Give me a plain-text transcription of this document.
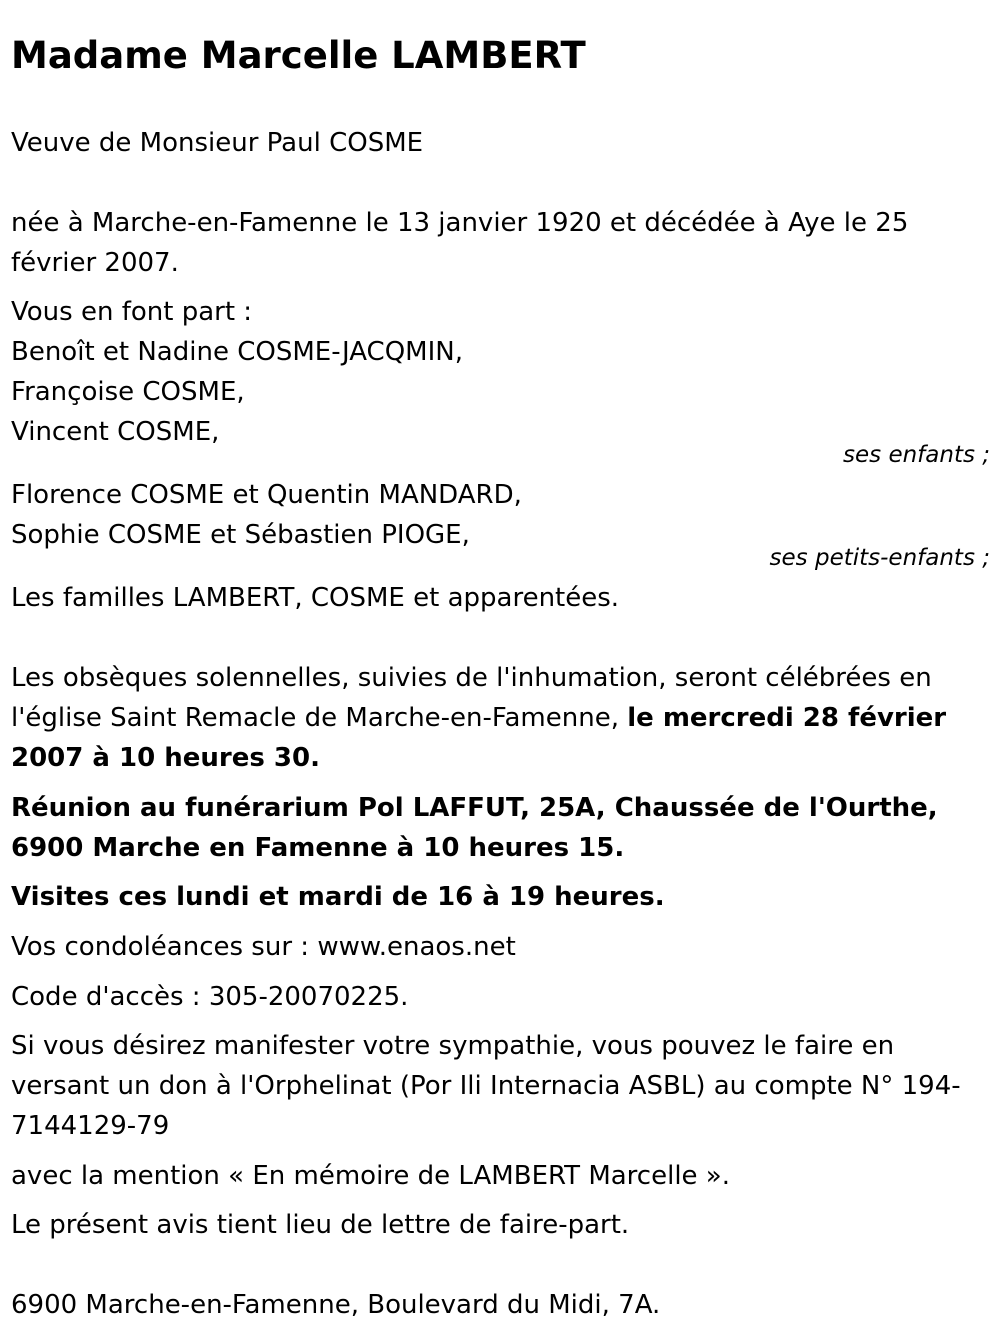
Madame Marcelle LAMBERT

Veuve de Monsieur Paul COSME

née à Marche-en-Famenne le 13 janvier 1920 et décédée à Aye le 25 février 2007.

Vous en font part :

Benoît et Nadine COSME-JACQMIN,

Françoise COSME,

Vincent COSME,

ses enfants ;

Florence COSME et Quentin MANDARD,

Sophie COSME et Sébastien PIOGE,

ses petits-enfants ;

Les familles LAMBERT, COSME et apparentées.

Les obsèques solennelles, suivies de l'inhumation, seront célébrées en l'église Saint Remacle de Marche-en-Famenne, le mercredi 28 février 2007 à 10 heures 30.

Réunion au funérarium Pol LAFFUT, 25A, Chaussée de l'Ourthe, 6900 Marche en Famenne à 10 heures 15.

Visites ces lundi et mardi de 16 à 19 heures.

Vos condoléances sur : www.enaos.net

Code d'accès : 305-20070225.

Si vous désirez manifester votre sympathie, vous pouvez le faire en versant un don à l'Orphelinat (Por Ili Internacia ASBL) au compte N° 194-7144129-79

avec la mention « En mémoire de LAMBERT Marcelle ».

Le présent avis tient lieu de lettre de faire-part.

6900 Marche-en-Famenne, Boulevard du Midi, 7A.
